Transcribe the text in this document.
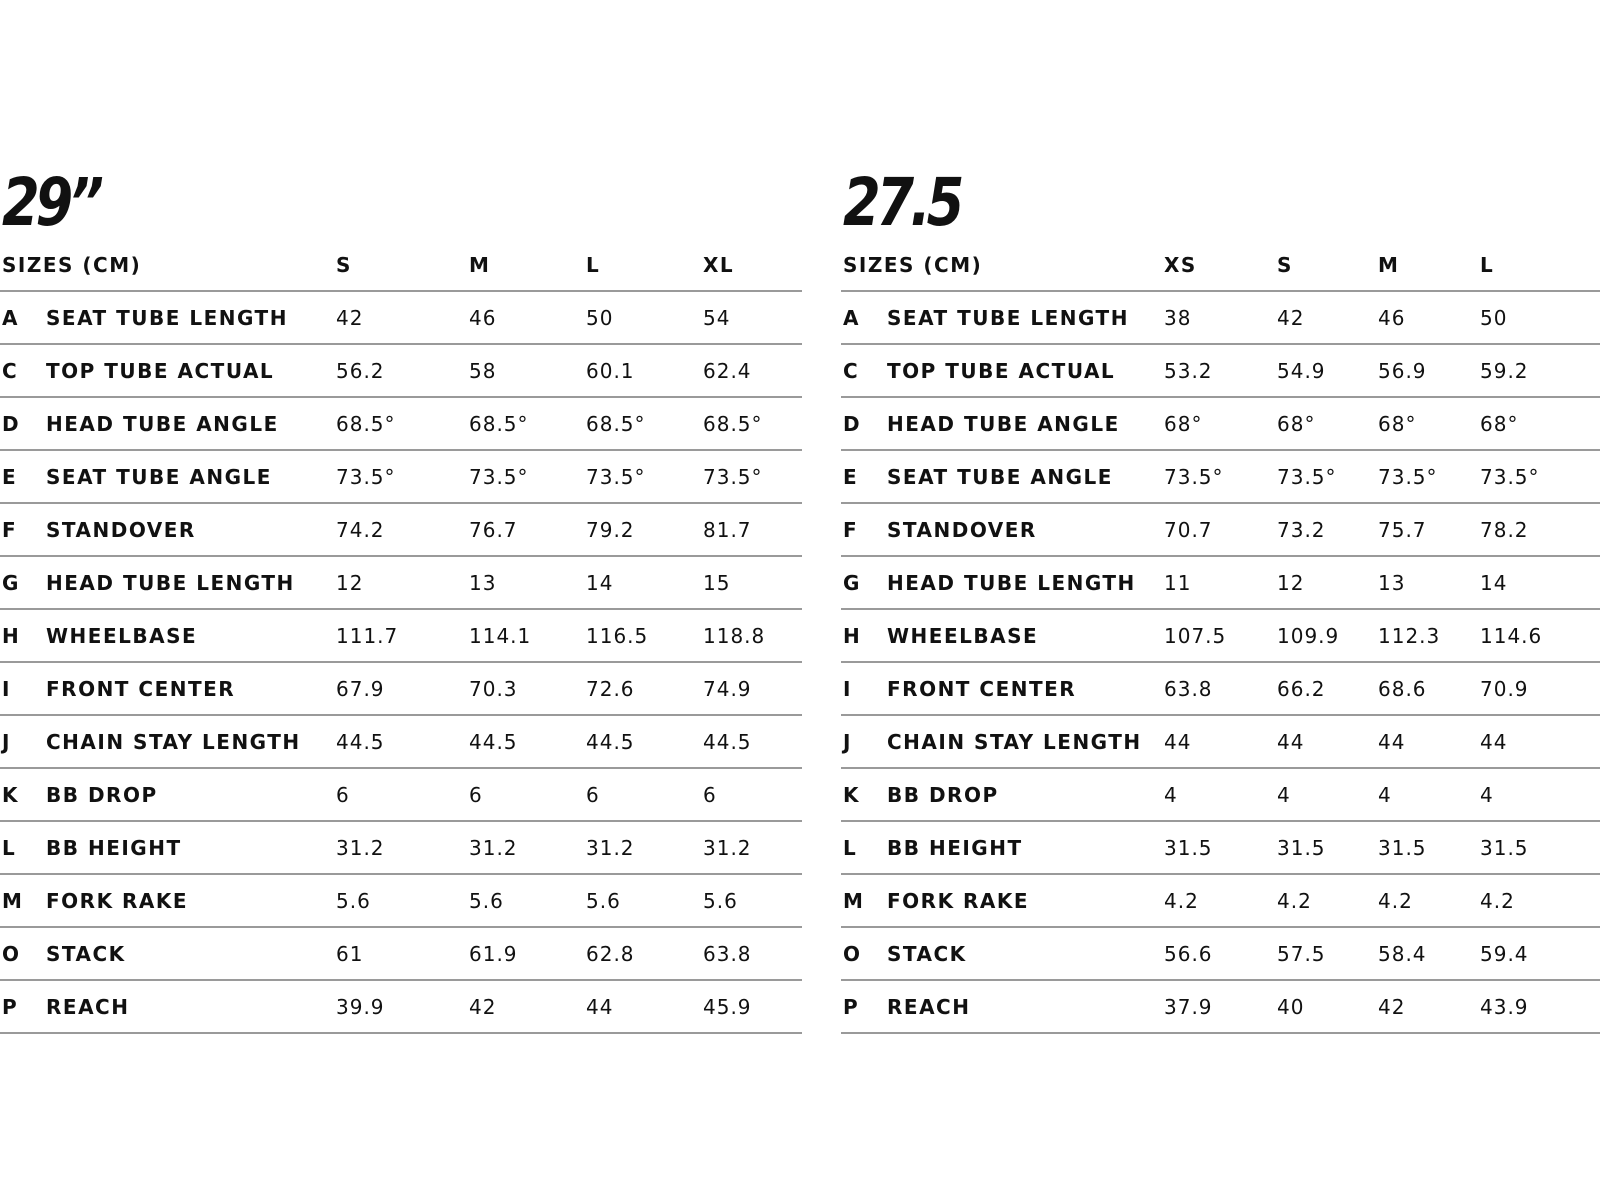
29”
SIZES (CM)	S	M	L	XL
A SEAT TUBE LENGTH 42	46	50	54
C TOP TUBE ACTUAL	56.2	58	60.1	62.4
D HEAD TUBE ANGLE	68.5°	68.5°	68.5°	68.5°
E SEAT TUBE ANGLE	73.5°	73.5°	73.5°	73.5°
F STANDOVER	74.2	76.7	79.2	81.7
G HEAD TUBE LENGTH 12	13	14	15
H WHEELBASE	111.7	114.1	116.5	118.8
I FRONT CENTER	67.9	70.3	72.6	74.9
J CHAIN STAY LENGTH 44.5	44.5	44.5	44.5
K BB DROP	6	6	6	6
L BB HEIGHT	31.2	31.2	31.2	31.2
M FORK RAKE	5.6	5.6	5.6	5.6
O STACK	61	61.9	62.8	63.8
P REACH	39.9	42	44	45.9
27.5
SIZES (CM)	XS	S	M	L
A SEAT TUBE LENGTH 38	42	46	50
C TOP TUBE ACTUAL 53.2	54.9	56.9	59.2
D HEAD TUBE ANGLE 68°	68°	68°	68°
E SEAT TUBE ANGLE	73.5°	73.5° 73.5° 73.5°
F STANDOVER	70.7	73.2	75.7	78.2
G HEAD TUBE LENGTH 11	12	13	14
H WHEELBASE	107.5	109.9 112.3 114.6
I FRONT CENTER	63.8	66.2	68.6	70.9
J CHAIN STAY LENGTH 44	44	44	44
K BB DROP	4	4	4	4
L BB HEIGHT	31.5	31.5	31.5	31.5
M FORK RAKE	4.2	4.2	4.2	4.2
O STACK	56.6	57.5	58.4	59.4
P REACH	37.9	40	42	43.9
